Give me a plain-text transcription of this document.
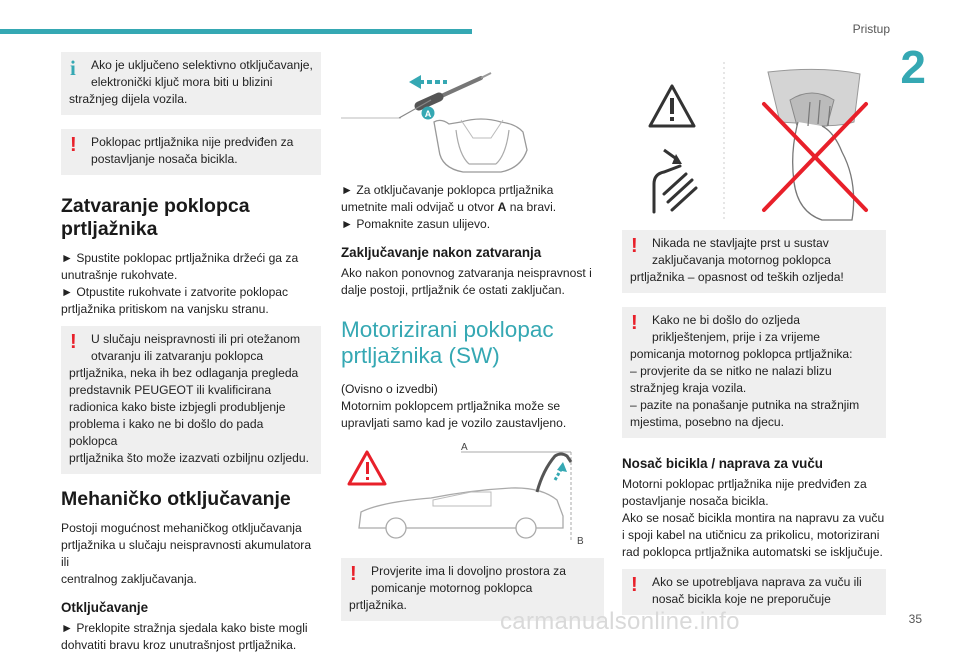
Pristup
2
i Ako je uključeno selektivno otključavanje,
elektronički ključ mora biti u blizini
stražnjeg dijela vozila.
! Poklopac prtljažnika nije predviđen za
postavljanje nosača bicikla.
Zatvaranje poklopca prtljažnika

► Spustite poklopac prtljažnika držeći ga za
unutrašnje rukohvate.
► Otpustite rukohvate i zatvorite poklopac
prtljažnika pritiskom na vanjsku stranu.

! U slučaju neispravnosti ili pri otežanom
otvaranju ili zatvaranju poklopca
prtljažnika, neka ih bez odlaganja pregleda
predstavnik PEUGEOT ili kvalificirana
radionica kako biste izbjegli produbljenje
problema i kako ne bi došlo do pada poklopca
prtljažnika što može izazvati ozbiljnu ozljedu.
Mehaničko otključavanje

Postoji mogućnost mehaničkog otključavanja
prtljažnika u slučaju neispravnosti akumulatora ili
centralnog zaključavanja.

Otključavanje

► Preklopite stražnja sjedala kako biste mogli
dohvatiti bravu kroz unutrašnjost prtljažnika.

A

► Za otključavanje poklopca prtljažnika
umetnite mali odvijač u otvor A na bravi.
► Pomaknite zasun ulijevo.

Zaključavanje nakon zatvaranja

Ako nakon ponovnog zatvaranja neispravnost i
dalje postoji, prtljažnik će ostati zaključan.

Motorizirani poklopac prtljažnika (SW)

(Ovisno o izvedbi)
Motornim poklopcem prtljažnika može se
upravljati samo kad je vozilo zaustavljeno.

A
B
! Provjerite ima li dovoljno prostora za
pomicanje motornog poklopca
prtljažnika.
! Nikada ne stavljajte prst u sustav
zaključavanja motornog poklopca
prtljažnika – opasnost od teških ozljeda!
! Kako ne bi došlo do ozljeda
priklještenjem, prije i za vrijeme
pomicanja motornog poklopca prtljažnika:
– provjerite da se nitko ne nalazi blizu
stražnjeg kraja vozila.
– pazite na ponašanje putnika na stražnjim
mjestima, posebno na djecu.
Nosač bicikla / naprava za vuču

Motorni poklopac prtljažnika nije predviđen za
postavljanje nosača bicikla.
Ako se nosač bicikla montira na napravu za vuču
i spoji kabel na utičnicu za prikolicu, motorizirani
rad poklopca prtljažnika automatski se isključuje.

! Ako se upotrebljava naprava za vuču ili
nosač bicikla koje ne preporučuje
35
carmanualsonline.info
